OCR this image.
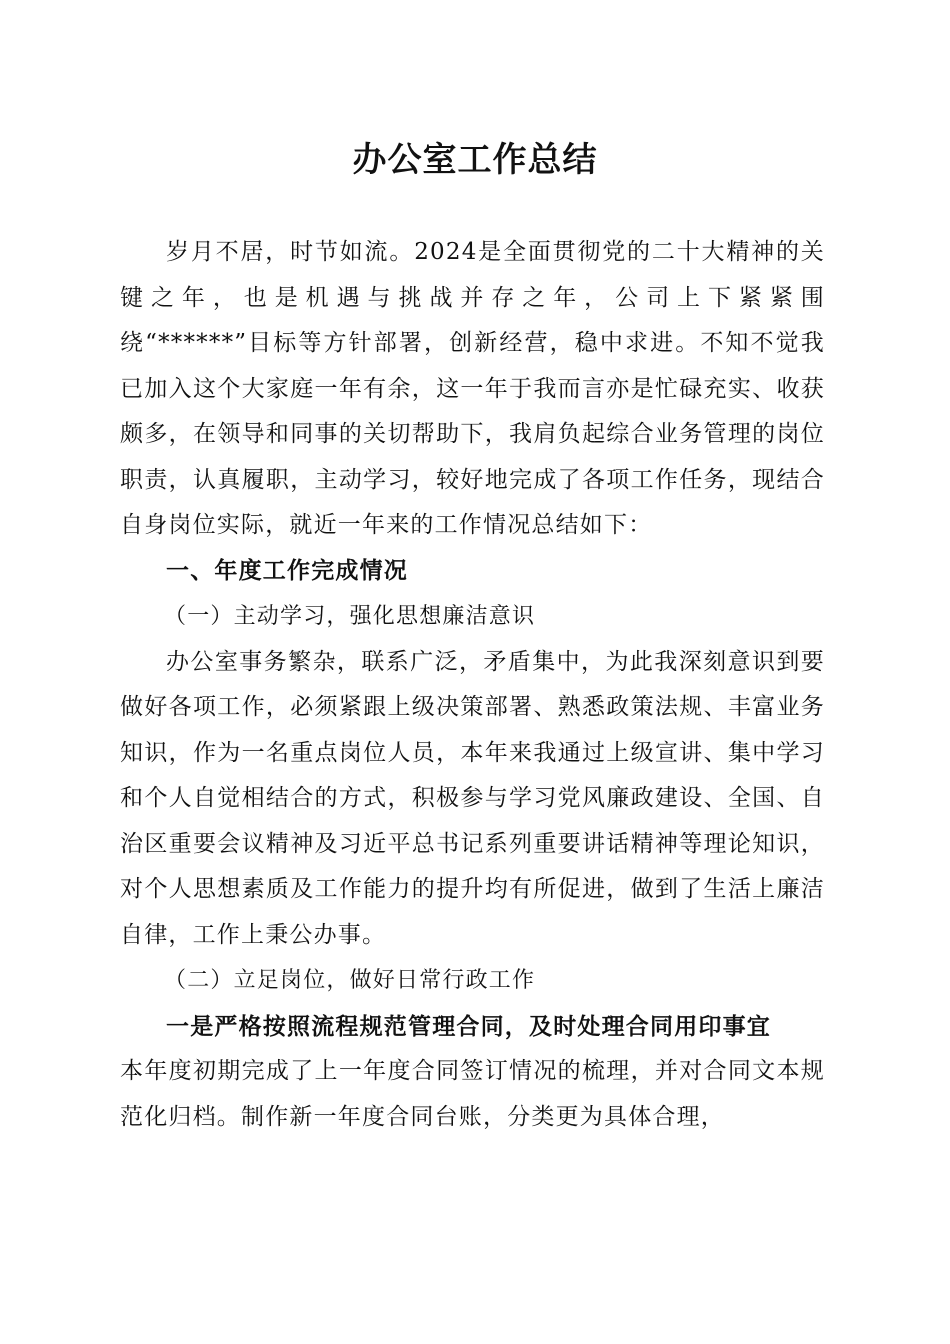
办公室工作总结

岁月不居，时节如流。2024是全面贯彻党的二十大精神的关键之年，也是机遇与挑战并存之年，公司上下紧紧围绕“******”目标等方针部署，创新经营，稳中求进。不知不觉我已加入这个大家庭一年有余，这一年于我而言亦是忙碌充实、收获颇多，在领导和同事的关切帮助下，我肩负起综合业务管理的岗位职责，认真履职，主动学习，较好地完成了各项工作任务，现结合自身岗位实际，就近一年来的工作情况总结如下：

一、年度工作完成情况

（一）主动学习，强化思想廉洁意识

办公室事务繁杂，联系广泛，矛盾集中，为此我深刻意识到要做好各项工作，必须紧跟上级决策部署、熟悉政策法规、丰富业务知识，作为一名重点岗位人员，本年来我通过上级宣讲、集中学习和个人自觉相结合的方式，积极参与学习党风廉政建设、全国、自治区重要会议精神及习近平总书记系列重要讲话精神等理论知识，对个人思想素质及工作能力的提升均有所促进，做到了生活上廉洁自律，工作上秉公办事。

（二）立足岗位，做好日常行政工作

一是严格按照流程规范管理合同，及时处理合同用印事宜

本年度初期完成了上一年度合同签订情况的梳理，并对合同文本规范化归档。制作新一年度合同台账，分类更为具体合理，
